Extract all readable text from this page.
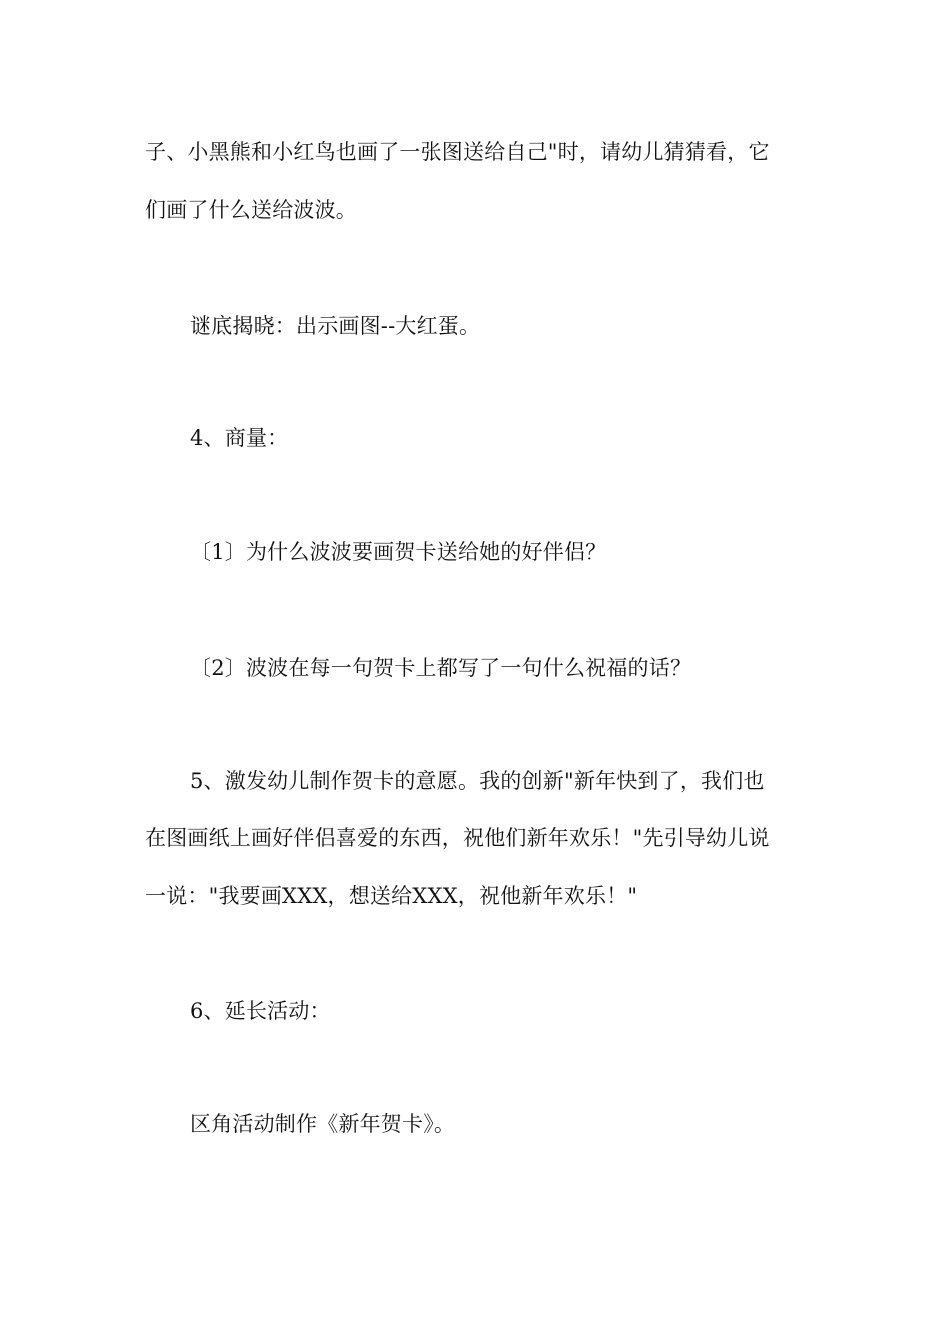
子、小黑熊和小红鸟也画了一张图送给自己"时，请幼儿猜猜看，它
们画了什么送给波波。
谜底揭晓：出示画图--大红蛋。
4、商量：
〔1〕为什么波波要画贺卡送给她的好伴侣？
〔2〕波波在每一句贺卡上都写了一句什么祝福的话？
5、激发幼儿制作贺卡的意愿。我的创新"新年快到了，我们也
在图画纸上画好伴侣喜爱的东西，祝他们新年欢乐！"先引导幼儿说
一说："我要画XXX，想送给XXX，祝他新年欢乐！"
6、延长活动：
区角活动制作《新年贺卡》。
